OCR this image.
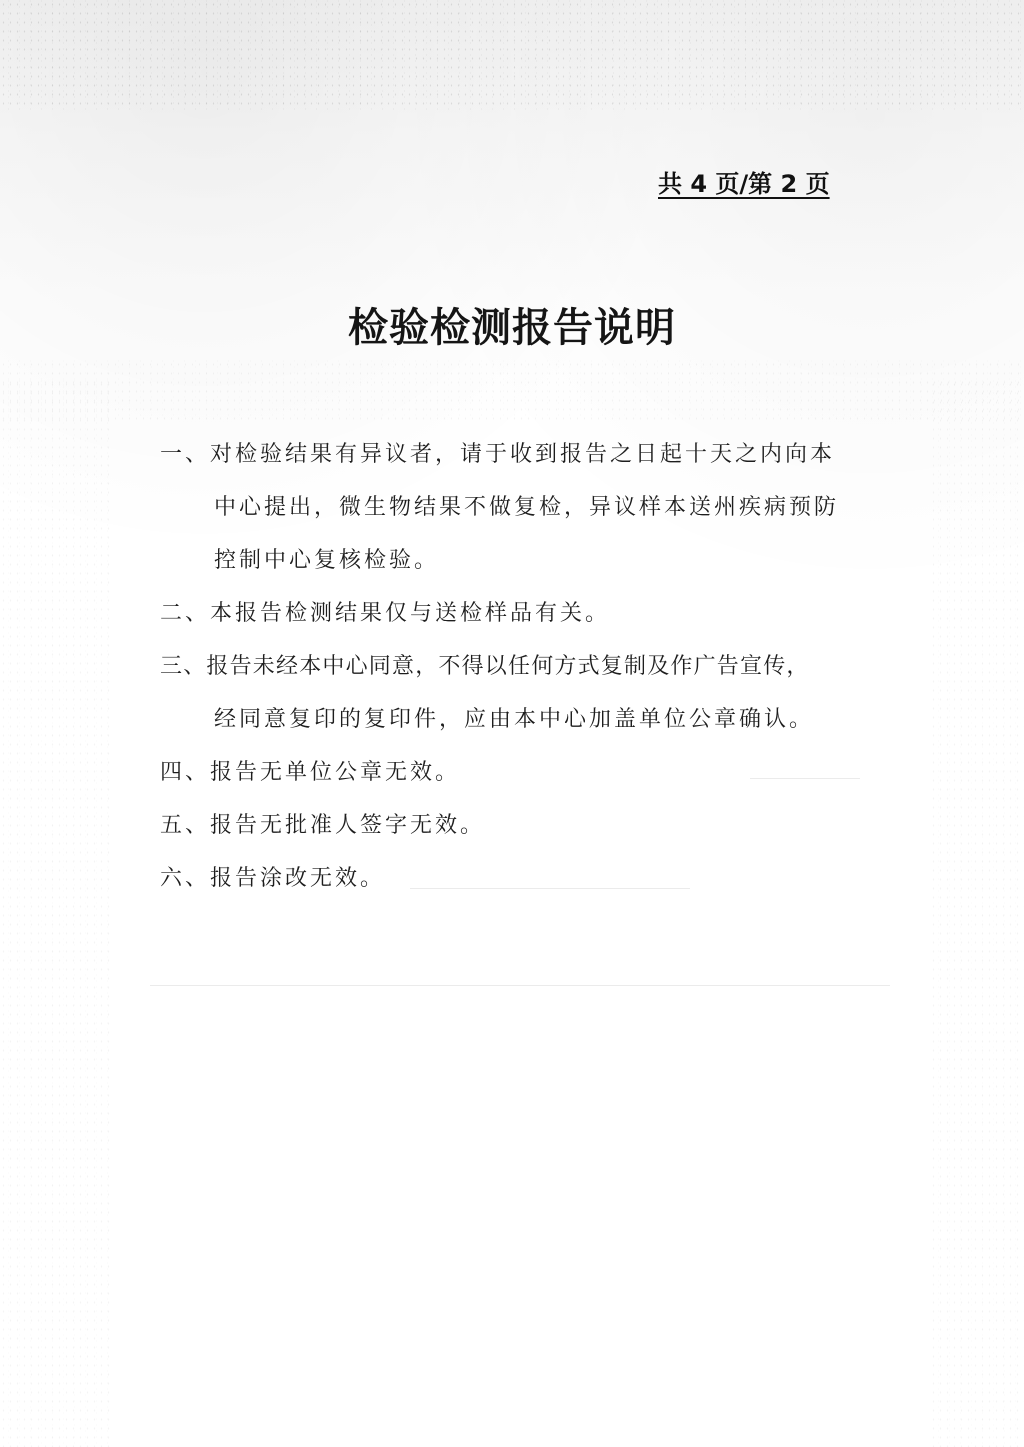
共 4 页/第 2 页
检验检测报告说明

一、对检验结果有异议者，请于收到报告之日起十天之内向本

中心提出，微生物结果不做复检，异议样本送州疾病预防

控制中心复核检验。

二、本报告检测结果仅与送检样品有关。

三、报告未经本中心同意，不得以任何方式复制及作广告宣传，

经同意复印的复印件，应由本中心加盖单位公章确认。

四、报告无单位公章无效。

五、报告无批准人签字无效。

六、报告涂改无效。
